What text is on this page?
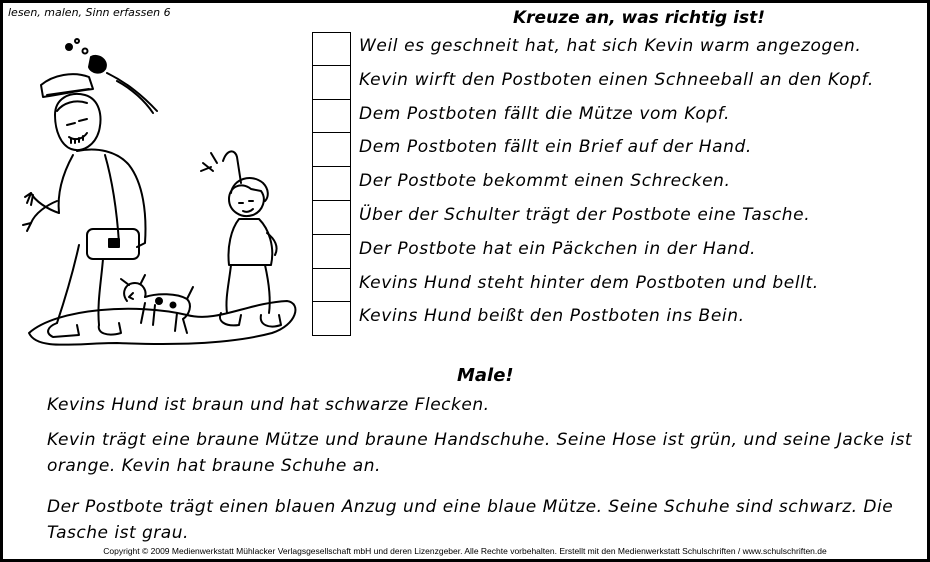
lesen, malen, Sinn erfassen 6	Kreuze an, was richtig ist!
Weil es geschneit hat, hat sich Kevin warm angezogen.
Kevin wirft den Postboten einen Schneeball an den Kopf.
Dem Postboten fällt die Mütze vom Kopf.
Dem Postboten fällt ein Brief auf der Hand.
Der Postbote bekommt einen Schrecken.
Über der Schulter trägt der Postbote eine Tasche.
Der Postbote hat ein Päckchen in der Hand.
Kevins Hund steht hinter dem Postboten und bellt.
Kevins Hund beißt den Postboten ins Bein.
Male!
Kevins Hund ist braun und hat schwarze Flecken.
Kevin trägt eine braune Mütze und braune Handschuhe. Seine Hose ist grün, und seine Jacke ist orange. Kevin hat braune Schuhe an.
Der Postbote trägt einen blauen Anzug und eine blaue Mütze. Seine Schuhe sind schwarz. Die Tasche ist grau.
Copyright © 2009 Medienwerkstatt Mühlacker Verlagsgesellschaft mbH und deren Lizenzgeber. Alle Rechte vorbehalten. Erstellt mit den Medienwerkstatt Schulschriften / www.schulschriften.de
